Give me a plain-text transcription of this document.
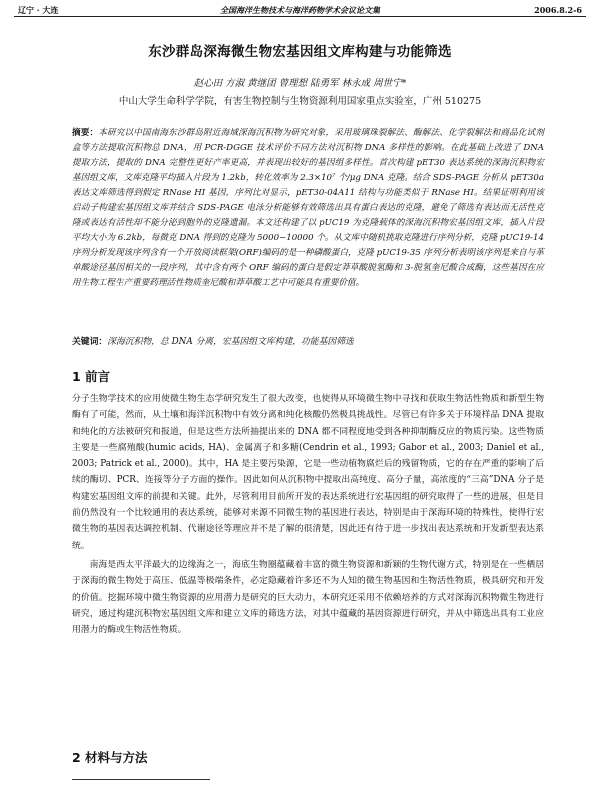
辽宁 · 大连	全国海洋生物技术与海洋药物学术会议论文集	2006.8.2-6
东沙群岛深海微生物宏基因组文库构建与功能筛选
赵心田 方淑 黄继团 曾理想 陆勇军 林永成 周世宁*
中山大学生命科学学院，有害生物控制与生物资源利用国家重点实验室，广州 510275
摘要：本研究以中国南海东沙群岛附近海域深海沉积物为研究对象，采用玻璃珠裂解法、酶解法、化学裂解法和商品化试剂盒等方法提取沉积物总 DNA，用 PCR-DGGE 技术评价不同方法对沉积物 DNA 多样性的影响。在此基础上改进了 DNA 提取方法，提取的 DNA 完整性更好产率更高，并表现出较好的基因组多样性。首次构建 pET30 表达系统的深海沉积物宏基因组文库，文库克隆平均插入片段为 1.2kb，转化效率为 2.3×10⁷ 个/μg DNA 克隆。结合 SDS-PAGE 分析从 pET30a 表达文库筛选得到假定 RNase HI 基因，序列比对显示，pET30-04A11 结构与功能类似于 RNase HI。结果证明利用该启动子构建宏基因组文库并结合 SDS-PAGE 电泳分析能够有效筛选出具有蛋白表达的克隆，避免了筛选有表达而无活性克隆或表达有活性却不能分泌到胞外的克隆遗漏。本文还构建了以 pUC19 为克隆载体的深海沉积物宏基因组文库，插入片段平均大小为 6.2kb，每微克 DNA 得到的克隆为 5000~10000 个。从文库中随机挑取克隆进行序列分析，克隆 pUC19-14 序列分析发现该序列含有一个开放阅读框架(ORF)编码的是一种磷酸蛋白，克隆 pUC19-35 序列分析表明该序列是来自与革单酸途径基因相关的一段序列，其中含有两个 ORF 编码的蛋白是假定莽草酸脱氢酶和 3-脱氢奎尼酸合成酶，这些基因在应用生物工程生产重要药理活性物质奎尼酸和莽草酸工艺中可能具有重要价值。
关键词：深海沉积物，总 DNA 分离，宏基因组文库构建，功能基因筛选
1 前言

分子生物学技术的应用使微生物生态学研究发生了很大改变，也使得从环境微生物中寻找和获取生物活性物质和新型生物酶有了可能，然而，从土壤和海洋沉积物中有效分离和纯化核酸仍然极具挑战性。尽管已有许多关于环境样品 DNA 提取和纯化的方法被研究和报道，但是这些方法所抽提出来的 DNA 都不同程度地受到各种抑制酶反应的物质污染。这些物质主要是一些腐殖酸(humic acids, HA)、金属离子和多糖(Cendrin et al., 1993; Gabor et al., 2003; Daniel et al., 2003; Patrick et al., 2000)。其中，HA 是主要污染源，它是一些动植物腐烂后的残留物质，它的存在严重的影响了后续的酶切、PCR、连接等分子方面的操作。因此如何从沉积物中提取出高纯度、高分子量，高浓度的“三高”DNA 分子是构建宏基因组文库的前提和关键。此外，尽管利用目前所开发的表达系统进行宏基因组的研究取得了一些的进展，但是目前仍然没有一个比较通用的表达系统，能够对来源不同微生物的基因进行表达，特别是由于深海环境的特殊性，使得行宏微生物的基因表达调控机制、代谢途径等理应并不是了解的很清楚，因此还有待于进一步找出表达系统和开发新型表达系统。

南海是西太平洋最大的边缘海之一，海底生物圈蕴藏着丰富的微生物资源和新颖的生物代谢方式，特别是在一些栖居于深海的微生物处于高压、低温等极端条件，必定隐藏着许多还不为人知的微生物基因和生物活性物质，极具研究和开发的价值。挖掘环境中微生物资源的应用潜力是研究的巨大动力，本研究还采用不依赖培养的方式对深海沉积物微生物进行研究，通过构建沉积物宏基因组文库和建立文库的筛选方法，对其中蕴藏的基因资源进行研究，并从中筛选出具有工业应用潜力的酶或生物活性物质。

2 材料与方法
